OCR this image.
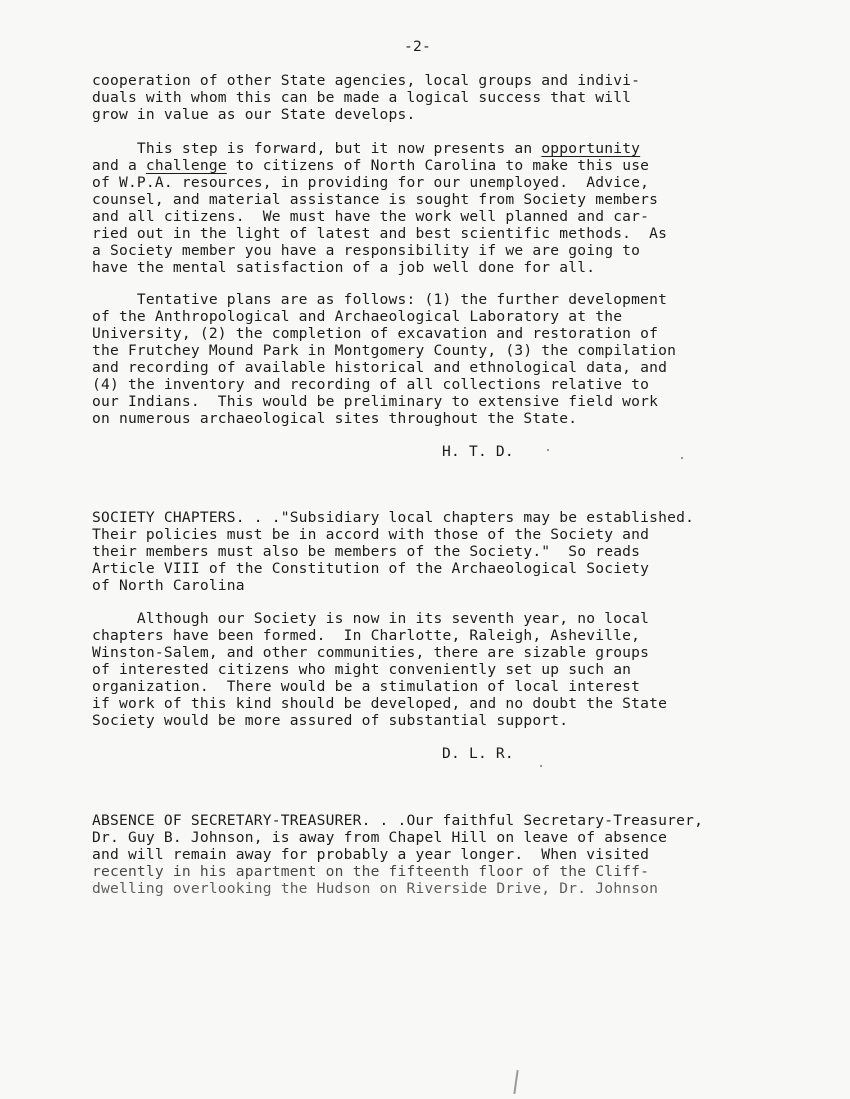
-2-
cooperation of other State agencies, local groups and indivi-
duals with whom this can be made a logical success that will
grow in value as our State develops.
This step is forward, but it now presents an opportunity
and a challenge to citizens of North Carolina to make this use
of W.P.A. resources, in providing for our unemployed.  Advice,
counsel, and material assistance is sought from Society members
and all citizens.  We must have the work well planned and car-
ried out in the light of latest and best scientific methods.  As
a Society member you have a responsibility if we are going to
have the mental satisfaction of a job well done for all.
Tentative plans are as follows: (1) the further development
of the Anthropological and Archaeological Laboratory at the
University, (2) the completion of excavation and restoration of
the Frutchey Mound Park in Montgomery County, (3) the compilation
and recording of available historical and ethnological data, and
(4) the inventory and recording of all collections relative to
our Indians.  This would be preliminary to extensive field work
on numerous archaeological sites throughout the State.
H. T. D.
SOCIETY CHAPTERS. . ."Subsidiary local chapters may be established.
Their policies must be in accord with those of the Society and
their members must also be members of the Society."  So reads
Article VIII of the Constitution of the Archaeological Society
of North Carolina
Although our Society is now in its seventh year, no local
chapters have been formed.  In Charlotte, Raleigh, Asheville,
Winston-Salem, and other communities, there are sizable groups
of interested citizens who might conveniently set up such an
organization.  There would be a stimulation of local interest
if work of this kind should be developed, and no doubt the State
Society would be more assured of substantial support.
D. L. R.
ABSENCE OF SECRETARY-TREASURER. . .Our faithful Secretary-Treasurer,
Dr. Guy B. Johnson, is away from Chapel Hill on leave of absence
and will remain away for probably a year longer.  When visited
recently in his apartment on the fifteenth floor of the Cliff-
dwelling overlooking the Hudson on Riverside Drive, Dr. Johnson
